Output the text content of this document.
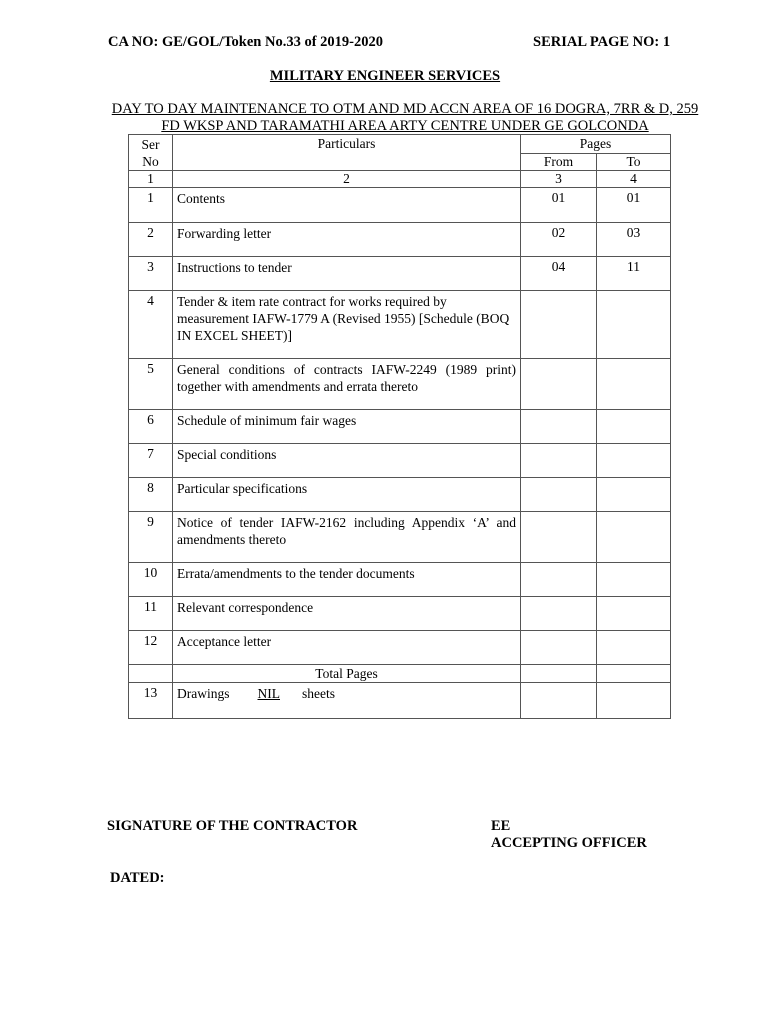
CA NO: GE/GOL/Token No.33 of 2019-2020	SERIAL PAGE NO: 1
MILITARY ENGINEER SERVICES
DAY TO DAY MAINTENANCE TO OTM AND MD ACCN AREA OF 16 DOGRA, 7RR & D, 259
FD WKSP AND TARAMATHI AREA ARTY CENTRE UNDER GE GOLCONDA
Ser
No	Particulars	Pages	
		From	To
1	2	3	4
1	Contents	01	01
2	Forwarding letter	02	03
3	Instructions to tender	04	11
4	Tender & item rate contract for works required by measurement IAFW-1779 A (Revised 1955) [Schedule (BOQ IN EXCEL SHEET)]		
5	General conditions of contracts IAFW-2249 (1989 print) together with amendments and errata thereto		
6	Schedule of minimum fair wages		
7	Special conditions		
8	Particular specifications		
9	Notice of tender IAFW-2162 including Appendix ‘A’ and amendments thereto		
10	Errata/amendments to the tender documents		
11	Relevant correspondence		
12	Acceptance letter		
	Total Pages		
13	Drawings NIL sheets		
SIGNATURE OF THE CONTRACTOR	EE
ACCEPTING OFFICER
DATED:
